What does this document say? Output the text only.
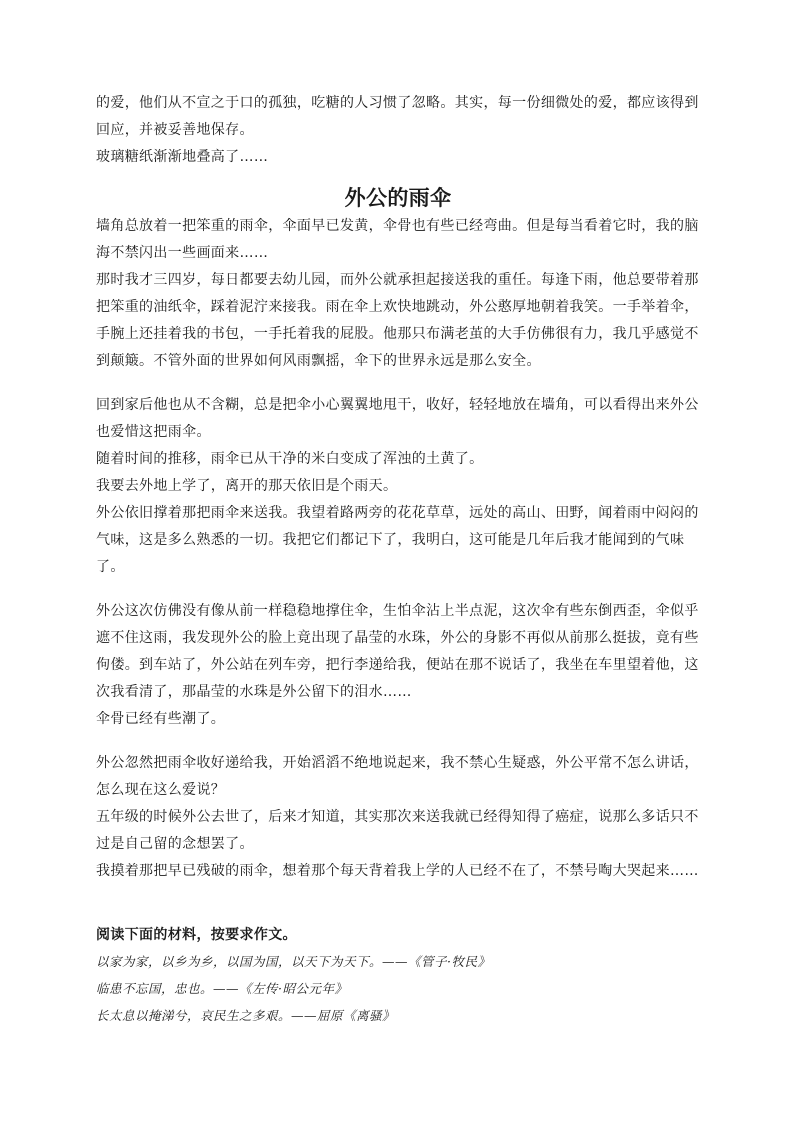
的爱，他们从不宣之于口的孤独，吃糖的人习惯了忽略。其实，每一份细微处的爱，都应该得到回应，并被妥善地保存。

玻璃糖纸渐渐地叠高了……

外公的雨伞

墙角总放着一把笨重的雨伞，伞面早已发黄，伞骨也有些已经弯曲。但是每当看着它时，我的脑海不禁闪出一些画面来……

那时我才三四岁，每日都要去幼儿园，而外公就承担起接送我的重任。每逢下雨，他总要带着那把笨重的油纸伞，踩着泥泞来接我。雨在伞上欢快地跳动，外公憨厚地朝着我笑。一手举着伞，手腕上还挂着我的书包，一手托着我的屁股。他那只布满老茧的大手仿佛很有力，我几乎感觉不到颠簸。不管外面的世界如何风雨飘摇，伞下的世界永远是那么安全。

回到家后他也从不含糊，总是把伞小心翼翼地甩干，收好，轻轻地放在墙角，可以看得出来外公也爱惜这把雨伞。

随着时间的推移，雨伞已从干净的米白变成了浑浊的土黄了。

我要去外地上学了，离开的那天依旧是个雨天。

外公依旧撑着那把雨伞来送我。我望着路两旁的花花草草，远处的高山、田野，闻着雨中闷闷的气味，这是多么熟悉的一切。我把它们都记下了，我明白，这可能是几年后我才能闻到的气味了。

外公这次仿佛没有像从前一样稳稳地撑住伞，生怕伞沾上半点泥，这次伞有些东倒西歪，伞似乎遮不住这雨，我发现外公的脸上竟出现了晶莹的水珠，外公的身影不再似从前那么挺拔，竟有些佝偻。到车站了，外公站在列车旁，把行李递给我，便站在那不说话了，我坐在车里望着他，这次我看清了，那晶莹的水珠是外公留下的泪水……

伞骨已经有些潮了。

外公忽然把雨伞收好递给我，开始滔滔不绝地说起来，我不禁心生疑惑，外公平常不怎么讲话，怎么现在这么爱说？

五年级的时候外公去世了，后来才知道，其实那次来送我就已经得知得了癌症，说那么多话只不过是自己留的念想罢了。

我摸着那把早已残破的雨伞，想着那个每天背着我上学的人已经不在了，不禁号啕大哭起来……

阅读下面的材料，按要求作文。

以家为家，以乡为乡，以国为国，以天下为天下。——《管子·牧民》

临患不忘国，忠也。——《左传·昭公元年》

长太息以掩涕兮，哀民生之多艰。——屈原《离骚》
